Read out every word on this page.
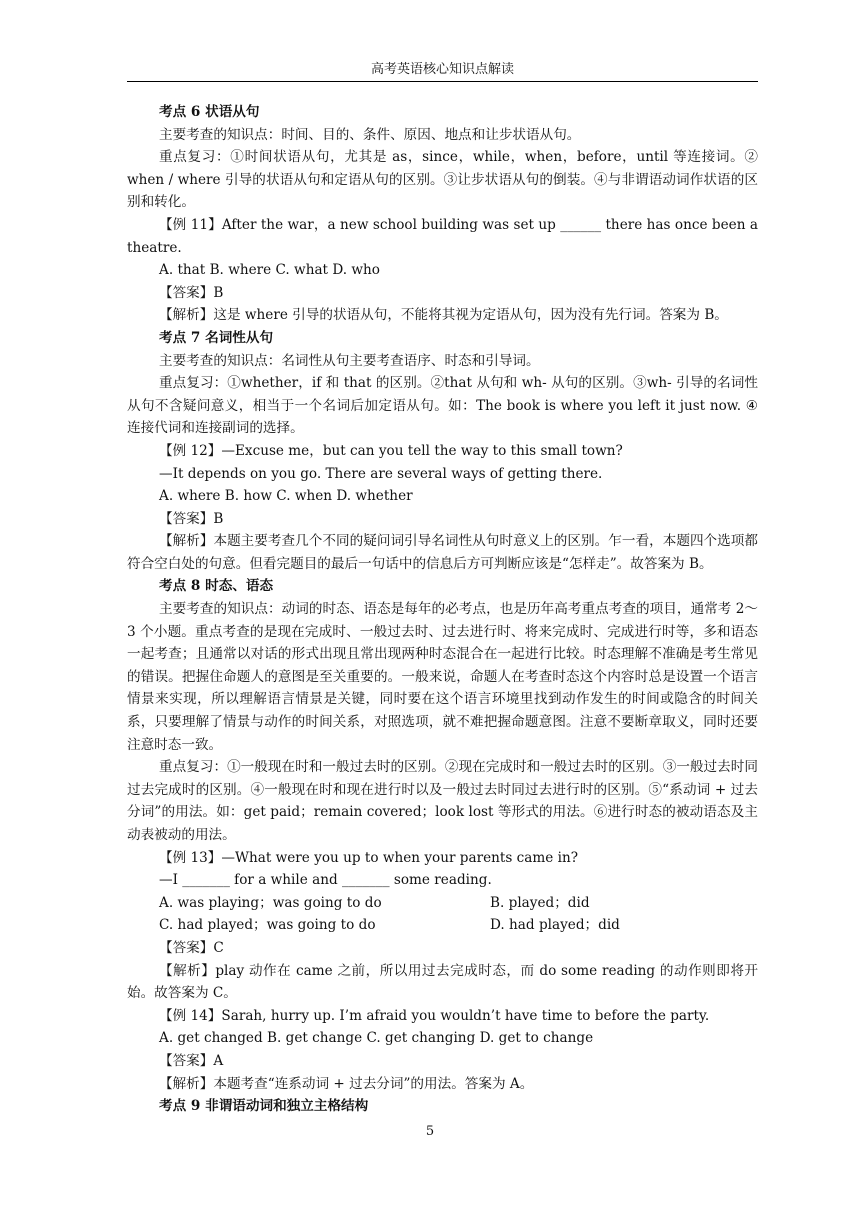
高考英语核心知识点解读

考点 6 状语从句

主要考查的知识点：时间、目的、条件、原因、地点和让步状语从句。

重点复习：①时间状语从句，尤其是 as，since，while，when，before，until 等连接词。② when / where 引导的状语从句和定语从句的区别。③让步状语从句的倒装。④与非谓语动词作状语的区别和转化。

【例 11】After the war，a new school building was set up ______ there has once been a theatre.

A. that B. where C. what D. who

【答案】B

【解析】这是 where 引导的状语从句，不能将其视为定语从句，因为没有先行词。答案为 B。

考点 7 名词性从句

主要考查的知识点：名词性从句主要考查语序、时态和引导词。

重点复习：①whether，if 和 that 的区别。②that 从句和 wh- 从句的区别。③wh- 引导的名词性从句不含疑问意义，相当于一个名词后加定语从句。如：The book is where you left it just now. ④连接代词和连接副词的选择。

【例 12】—Excuse me，but can you tell the way to this small town?

—It depends on you go. There are several ways of getting there.

A. where B. how C. when D. whether

【答案】B

【解析】本题主要考查几个不同的疑问词引导名词性从句时意义上的区别。乍一看，本题四个选项都符合空白处的句意。但看完题目的最后一句话中的信息后方可判断应该是“怎样走”。故答案为 B。

考点 8 时态、语态

主要考查的知识点：动词的时态、语态是每年的必考点，也是历年高考重点考查的项目，通常考 2～ 3 个小题。重点考查的是现在完成时、一般过去时、过去进行时、将来完成时、完成进行时等，多和语态一起考查；且通常以对话的形式出现且常出现两种时态混合在一起进行比较。时态理解不准确是考生常见的错误。把握住命题人的意图是至关重要的。一般来说，命题人在考查时态这个内容时总是设置一个语言情景来实现，所以理解语言情景是关键，同时要在这个语言环境里找到动作发生的时间或隐含的时间关系，只要理解了情景与动作的时间关系，对照选项，就不难把握命题意图。注意不要断章取义，同时还要注意时态一致。

重点复习：①一般现在时和一般过去时的区别。②现在完成时和一般过去时的区别。③一般过去时同过去完成时的区别。④一般现在时和现在进行时以及一般过去时同过去进行时的区别。⑤“系动词 + 过去分词”的用法。如：get paid；remain covered；look lost 等形式的用法。⑥进行时态的被动语态及主动表被动的用法。

【例 13】—What were you up to when your parents came in?

—I _______ for a while and _______ some reading.

A. was playing；was going to do	B. played；did
C. had played；was going to do	D. had played；did

【答案】C

【解析】play 动作在 came 之前，所以用过去完成时态，而 do some reading 的动作则即将开始。故答案为 C。

【例 14】Sarah, hurry up. I’m afraid you wouldn’t have time to before the party.

A. get changed B. get change C. get changing D. get to change

【答案】A

【解析】本题考查“连系动词 + 过去分词”的用法。答案为 A。

考点 9 非谓语动词和独立主格结构

5
